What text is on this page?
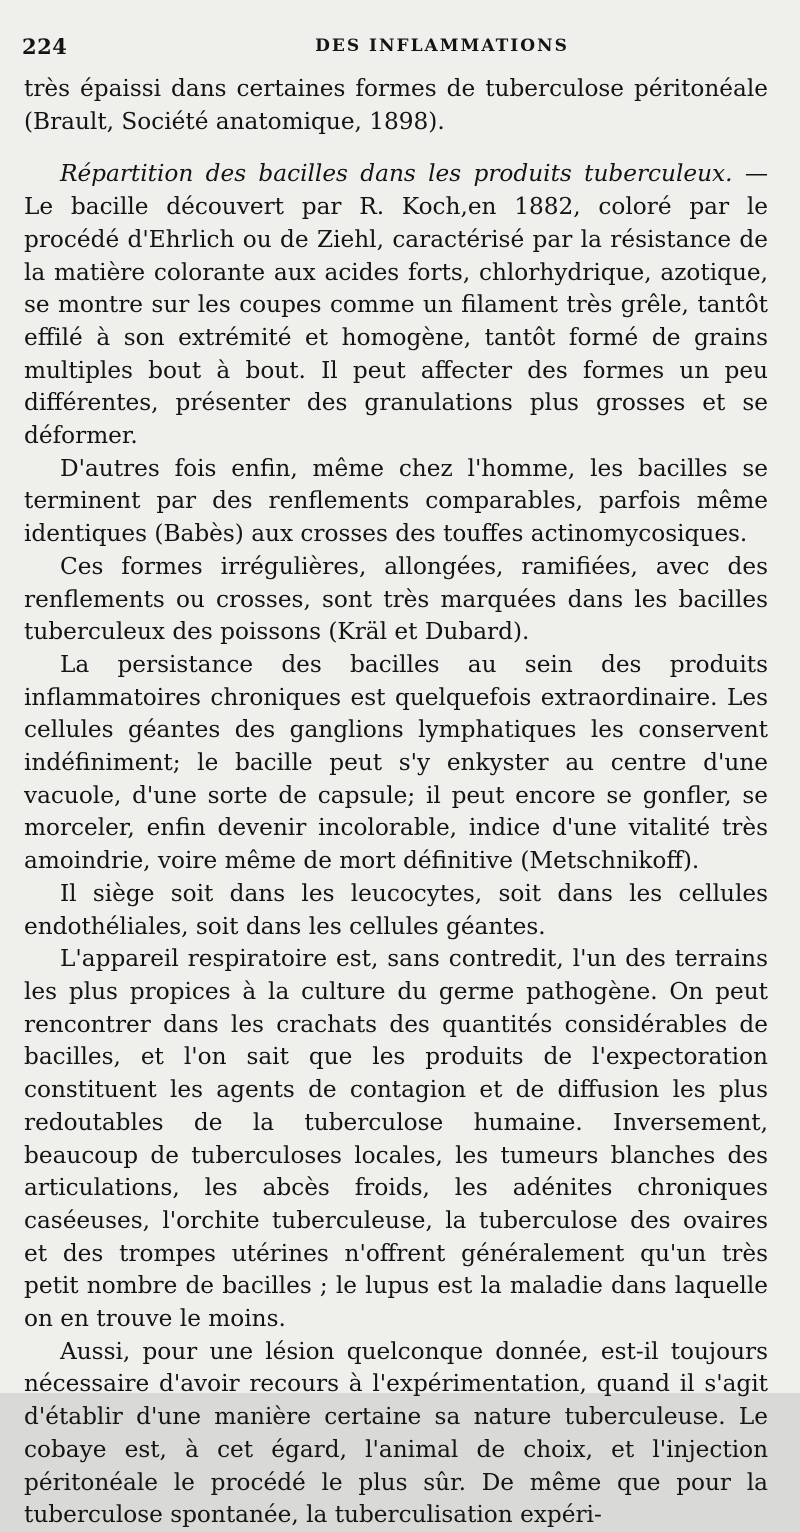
224	DES INFLAMMATIONS

très épaissi dans certaines formes de tuberculose péritonéale (Brault, Société anatomique, 1898).

Répartition des bacilles dans les produits tuberculeux. — Le bacille découvert par R. Koch,en 1882, coloré par le procédé d'Ehrlich ou de Ziehl, caractérisé par la résistance de la matière colorante aux acides forts, chlorhydrique, azotique, se montre sur les coupes comme un filament très grêle, tantôt effilé à son extrémité et homogène, tantôt formé de grains multiples bout à bout. Il peut affecter des formes un peu différentes, présenter des granulations plus grosses et se déformer.

D'autres fois enfin, même chez l'homme, les bacilles se terminent par des renflements comparables, parfois même identiques (Babès) aux crosses des touffes actinomycosiques.

Ces formes irrégulières, allongées, ramifiées, avec des renflements ou crosses, sont très marquées dans les bacilles tuberculeux des poissons (Kräl et Dubard).

La persistance des bacilles au sein des produits inflammatoires chroniques est quelquefois extraordinaire. Les cellules géantes des ganglions lymphatiques les conservent indéfiniment; le bacille peut s'y enkyster au centre d'une vacuole, d'une sorte de capsule; il peut encore se gonfler, se morceler, enfin devenir incolorable, indice d'une vitalité très amoindrie, voire même de mort définitive (Metschnikoff).

Il siège soit dans les leucocytes, soit dans les cellules endothéliales, soit dans les cellules géantes.

L'appareil respiratoire est, sans contredit, l'un des terrains les plus propices à la culture du germe pathogène. On peut rencontrer dans les crachats des quantités considérables de bacilles, et l'on sait que les produits de l'expectoration constituent les agents de contagion et de diffusion les plus redoutables de la tuberculose humaine. Inversement, beaucoup de tuberculoses locales, les tumeurs blanches des articulations, les abcès froids, les adénites chroniques caséeuses, l'orchite tuberculeuse, la tuberculose des ovaires et des trompes utérines n'offrent généralement qu'un très petit nombre de bacilles ; le lupus est la maladie dans laquelle on en trouve le moins.

Aussi, pour une lésion quelconque donnée, est-il toujours nécessaire d'avoir recours à l'expérimentation, quand il s'agit d'établir d'une manière certaine sa nature tuberculeuse. Le cobaye est, à cet égard, l'animal de choix, et l'injection péritonéale le procédé le plus sûr. De même que pour la tuberculose spontanée, la tuberculisation expéri-
